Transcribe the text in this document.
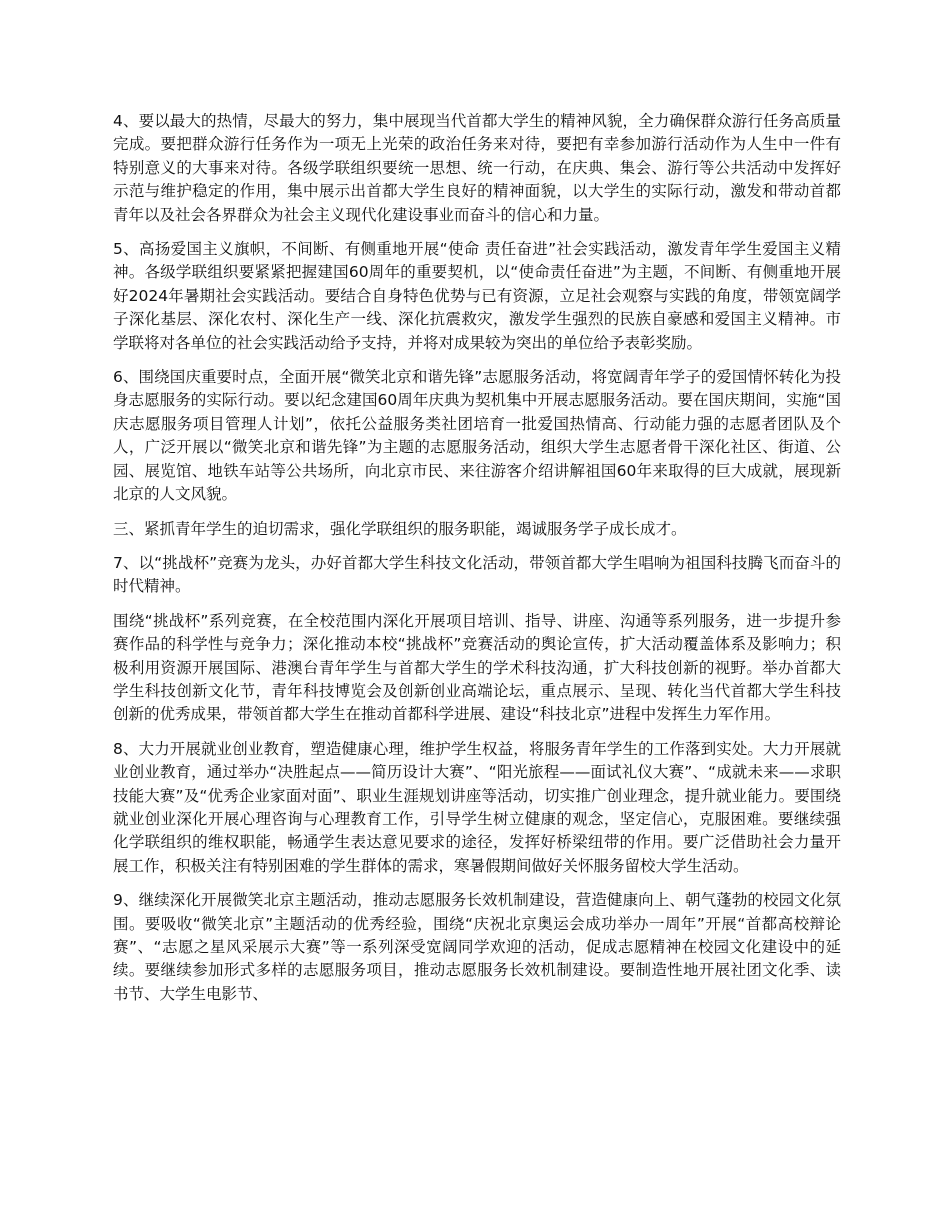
4、要以最大的热情，尽最大的努力，集中展现当代首都大学生的精神风貌，全力确保群众游行任务高质量完成。要把群众游行任务作为一项无上光荣的政治任务来对待，要把有幸参加游行活动作为人生中一件有特别意义的大事来对待。各级学联组织要统一思想、统一行动，在庆典、集会、游行等公共活动中发挥好示范与维护稳定的作用，集中展示出首都大学生良好的精神面貌，以大学生的实际行动，激发和带动首都青年以及社会各界群众为社会主义现代化建设事业而奋斗的信心和力量。

5、高扬爱国主义旗帜，不间断、有侧重地开展“使命 责任奋进”社会实践活动，激发青年学生爱国主义精神。各级学联组织要紧紧把握建国60周年的重要契机，以“使命责任奋进”为主题，不间断、有侧重地开展好2024年暑期社会实践活动。要结合自身特色优势与已有资源，立足社会观察与实践的角度，带领宽阔学子深化基层、深化农村、深化生产一线、深化抗震救灾，激发学生强烈的民族自豪感和爱国主义精神。市学联将对各单位的社会实践活动给予支持，并将对成果较为突出的单位给予表彰奖励。

6、围绕国庆重要时点，全面开展“微笑北京和谐先锋”志愿服务活动，将宽阔青年学子的爱国情怀转化为投身志愿服务的实际行动。要以纪念建国60周年庆典为契机集中开展志愿服务活动。要在国庆期间，实施“国庆志愿服务项目管理人计划”，依托公益服务类社团培育一批爱国热情高、行动能力强的志愿者团队及个人，广泛开展以“微笑北京和谐先锋”为主题的志愿服务活动，组织大学生志愿者骨干深化社区、街道、公园、展览馆、地铁车站等公共场所，向北京市民、来往游客介绍讲解祖国60年来取得的巨大成就，展现新北京的人文风貌。

三、紧抓青年学生的迫切需求，强化学联组织的服务职能，竭诚服务学子成长成才。

7、以“挑战杯”竞赛为龙头，办好首都大学生科技文化活动，带领首都大学生唱响为祖国科技腾飞而奋斗的时代精神。

围绕“挑战杯”系列竞赛，在全校范围内深化开展项目培训、指导、讲座、沟通等系列服务，进一步提升参赛作品的科学性与竞争力；深化推动本校“挑战杯”竞赛活动的舆论宣传，扩大活动覆盖体系及影响力；积极利用资源开展国际、港澳台青年学生与首都大学生的学术科技沟通，扩大科技创新的视野。举办首都大学生科技创新文化节，青年科技博览会及创新创业高端论坛，重点展示、呈现、转化当代首都大学生科技创新的优秀成果，带领首都大学生在推动首都科学进展、建设“科技北京”进程中发挥生力军作用。

8、大力开展就业创业教育，塑造健康心理，维护学生权益，将服务青年学生的工作落到实处。大力开展就业创业教育，通过举办“决胜起点——简历设计大赛”、“阳光旅程——面试礼仪大赛”、“成就未来——求职技能大赛”及“优秀企业家面对面”、职业生涯规划讲座等活动，切实推广创业理念，提升就业能力。要围绕就业创业深化开展心理咨询与心理教育工作，引导学生树立健康的观念，坚定信心，克服困难。要继续强化学联组织的维权职能，畅通学生表达意见要求的途径，发挥好桥梁纽带的作用。要广泛借助社会力量开展工作，积极关注有特别困难的学生群体的需求，寒暑假期间做好关怀服务留校大学生活动。

9、继续深化开展微笑北京主题活动，推动志愿服务长效机制建设，营造健康向上、朝气蓬勃的校园文化氛围。要吸收“微笑北京”主题活动的优秀经验，围绕“庆祝北京奥运会成功举办一周年”开展“首都高校辩论赛”、“志愿之星风采展示大赛”等一系列深受宽阔同学欢迎的活动，促成志愿精神在校园文化建设中的延续。要继续参加形式多样的志愿服务项目，推动志愿服务长效机制建设。要制造性地开展社团文化季、读书节、大学生电影节、
